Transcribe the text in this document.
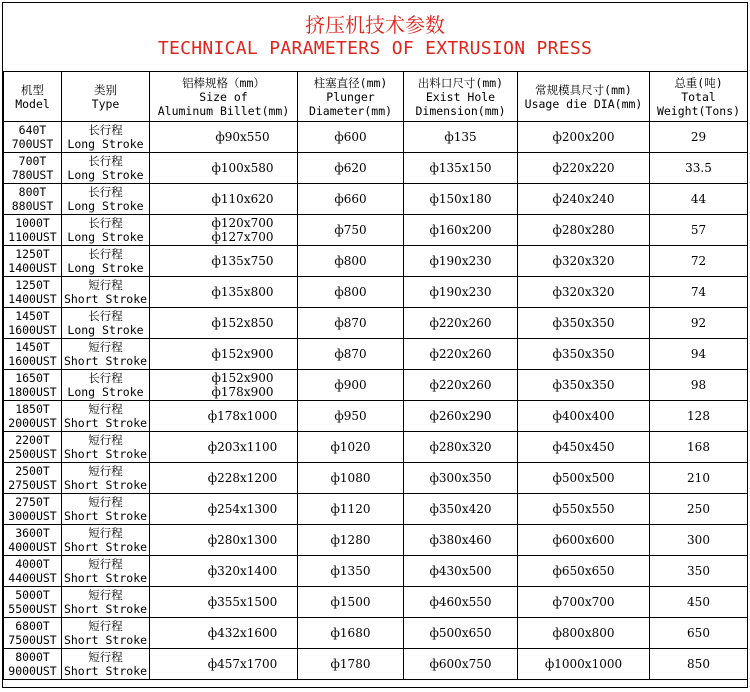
挤压机技术参数
TECHNICAL PARAMETERS OF EXTRUSION PRESS
机型
Model	类别
Type	铝棒规格（mm）
Size of
Aluminum Billet(mm)	柱塞直径(mm)
Plunger
Diameter(mm)	出料口尺寸(mm)
Exist Hole
Dimension(mm)	常规模具尺寸(mm)
Usage die DIA(mm)	总重(吨)
Total
Weight(Tons)

640T
700UST	长行程
Long Stroke	ф90x550	ф600	ф135	ф200x200	29

700T
780UST	长行程
Long Stroke	ф100x580	ф620	ф135x150	ф220x220	33.5

800T
880UST	长行程
Long Stroke	ф110x620	ф660	ф150x180	ф240x240	44

1000T
1100UST	长行程
Long Stroke	ф120x700
ф127x700	ф750	ф160x200	ф280x280	57

1250T
1400UST	长行程
Long Stroke	ф135x750	ф800	ф190x230	ф320x320	72

1250T
1400UST	短行程
Short Stroke	ф135x800	ф800	ф190x230	ф320x320	74

1450T
1600UST	长行程
Long Stroke	ф152x850	ф870	ф220x260	ф350x350	92

1450T
1600UST	短行程
Short Stroke	ф152x900	ф870	ф220x260	ф350x350	94

1650T
1800UST	长行程
Long Stroke	ф152x900
ф178x900	ф900	ф220x260	ф350x350	98

1850T
2000UST	短行程
Short Stroke	ф178x1000	ф950	ф260x290	ф400x400	128

2200T
2500UST	短行程
Short Stroke	ф203x1100	ф1020	ф280x320	ф450x450	168

2500T
2750UST	短行程
Short Stroke	ф228x1200	ф1080	ф300x350	ф500x500	210

2750T
3000UST	短行程
Short Stroke	ф254x1300	ф1120	ф350x420	ф550x550	250

3600T
4000UST	短行程
Short Stroke	ф280x1300	ф1280	ф380x460	ф600x600	300

4000T
4400UST	短行程
Short Stroke	ф320x1400	ф1350	ф430x500	ф650x650	350

5000T
5500UST	短行程
Short Stroke	ф355x1500	ф1500	ф460x550	ф700x700	450

6800T
7500UST	短行程
Short Stroke	ф432x1600	ф1680	ф500x650	ф800x800	650

8000T
9000UST	短行程
Short Stroke	ф457x1700	ф1780	ф600x750	ф1000x1000	850
